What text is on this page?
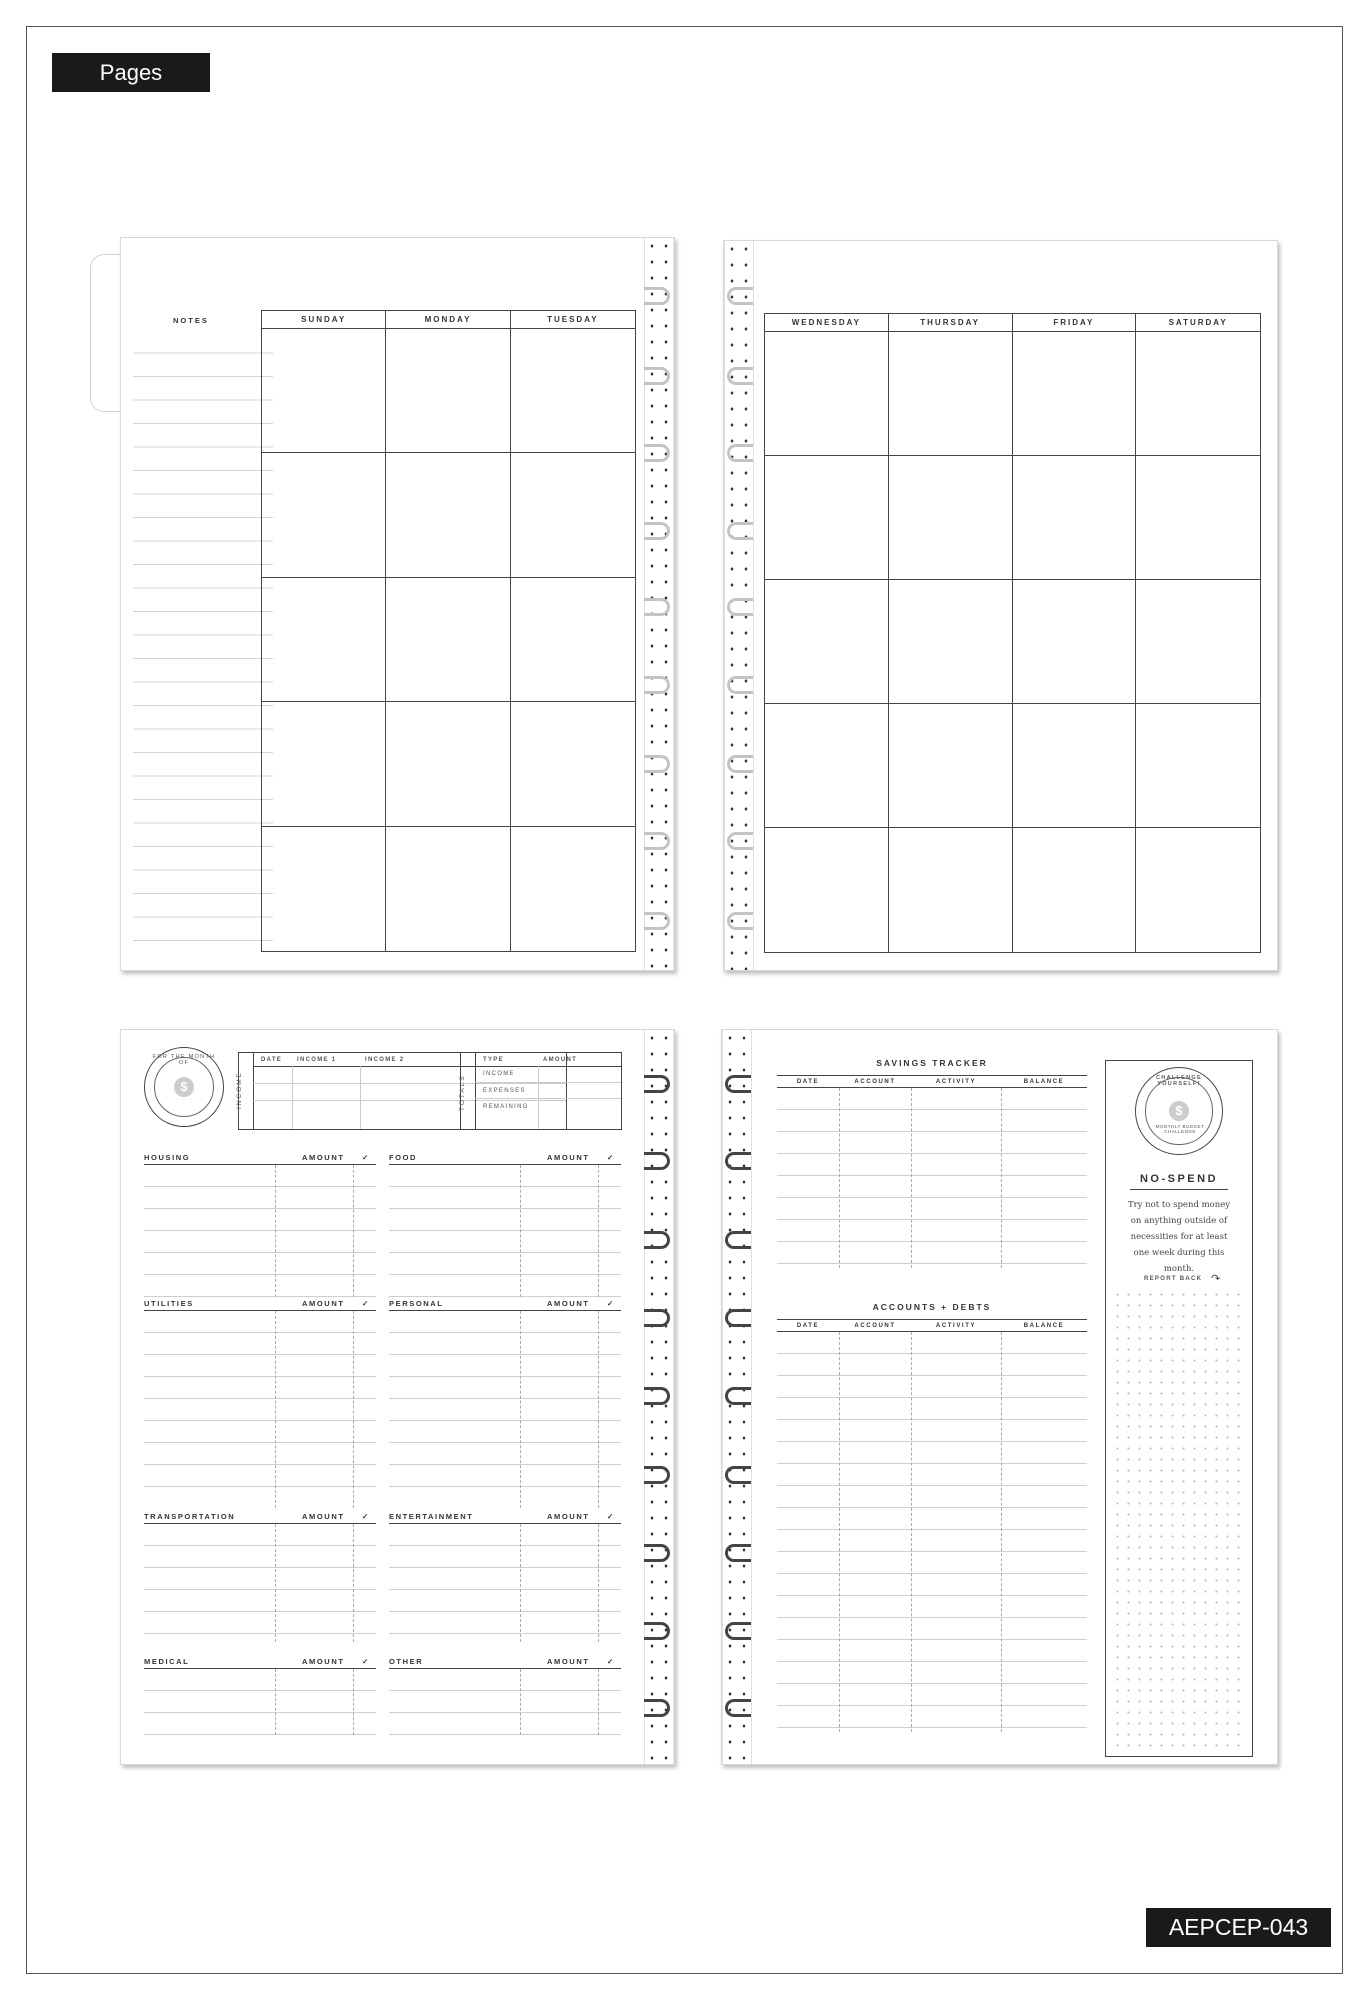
Pages
AEPCEP-043
NOTES	SUNDAY	MONDAY	TUESDAY	WEDNESDAY	THURSDAY	FRIDAY	SATURDAY
$
FOR THE MONTH OF
INCOME
DATE INCOME 1	INCOME 2
TOTALS
TYPE	AMOUNT
INCOME
EXPENSES
REMAINING
HOUSING	AMOUNT	✓	FOOD	AMOUNT	✓
UTILITIES	AMOUNT	✓	PERSONAL	AMOUNT	✓
TRANSPORTATION	AMOUNT	✓	ENTERTAINMENT	AMOUNT	✓
MEDICAL	AMOUNT	✓	OTHER	AMOUNT	✓
SAVINGS TRACKER
DATE	ACCOUNT	ACTIVITY	BALANCE
ACCOUNTS + DEBTS
DATE	ACCOUNT	ACTIVITY	BALANCE
$
CHALLENGE YOURSELF!
MONTHLY BUDGET CHALLENGE
NO-SPEND
Try not to spend money on anything outside of necessities for at least one week during this month.
REPORT BACK ↷
